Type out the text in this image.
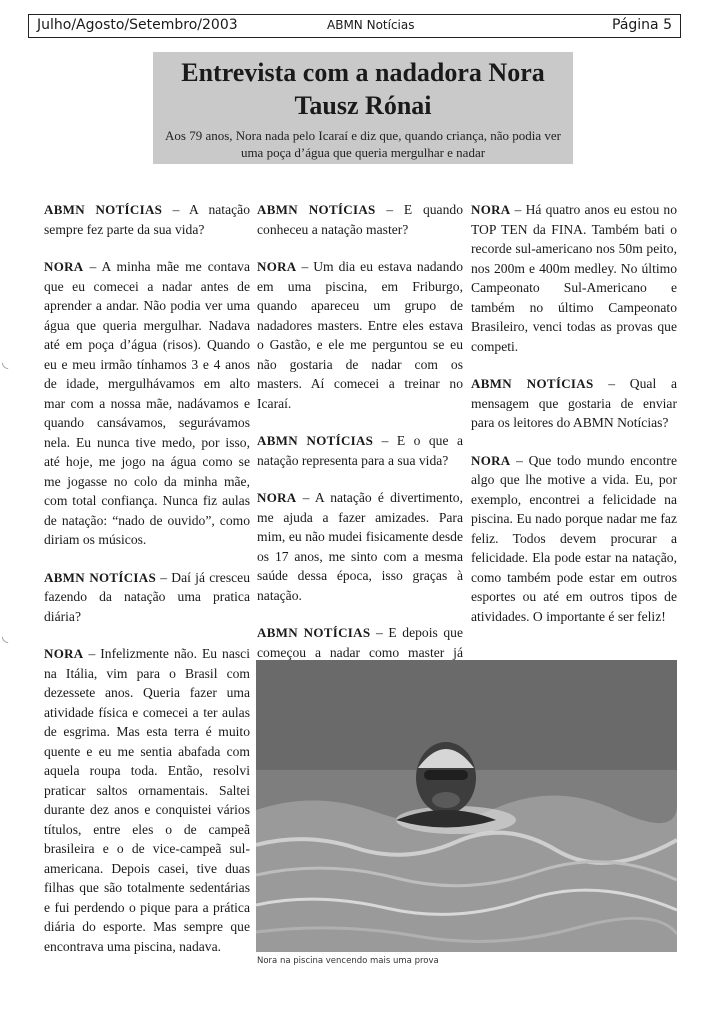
Julho/Agosto/Setembro/2003	ABMN Notícias	Página 5
Entrevista com a nadadora Nora Tausz Rónai

Aos 79 anos, Nora nada pelo Icaraí e diz que, quando criança, não podia ver uma poça d’água que queria mergulhar e nadar

ABMN NOTÍCIAS – A natação sempre fez parte da sua vida?

NORA – A minha mãe me contava que eu comecei a nadar antes de aprender a andar. Não podia ver uma água que queria mergulhar. Nadava até em poça d’água (risos). Quando eu e meu irmão tínhamos 3 e 4 anos de idade, mergulhávamos em alto mar com a nossa mãe, nadávamos e quando cansávamos, segurávamos nela. Eu nunca tive medo, por isso, até hoje, me jogo na água como se me jogasse no colo da minha mãe, com total confiança. Nunca fiz aulas de natação: “nado de ouvido”, como diriam os músicos.

ABMN NOTÍCIAS – Daí já cresceu fazendo da natação uma pratica diária?

NORA – Infelizmente não. Eu nasci na Itália, vim para o Brasil com dezessete anos. Queria fazer uma atividade física e comecei a ter aulas de esgrima. Mas esta terra é muito quente e eu me sentia abafada com aquela roupa toda. Então, resolvi praticar saltos ornamentais. Saltei durante dez anos e conquistei vários títulos, entre eles o de campeã brasileira e o de vice-campeã sul-americana. Depois casei, tive duas filhas que são totalmente sedentárias e fui perdendo o pique para a prática diária do esporte. Mas sempre que encontrava uma piscina, nadava.

ABMN NOTÍCIAS – E quando conheceu a natação master?

NORA – Um dia eu estava nadando em uma piscina, em Friburgo, quando apareceu um grupo de nadadores masters. Entre eles estava o Gastão, e ele me perguntou se eu não gostaria de nadar com os masters. Aí comecei a treinar no Icaraí.

ABMN NOTÍCIAS – E o que a natação representa para a sua vida?

NORA – A natação é divertimento, me ajuda a fazer amizades. Para mim, eu não mudei fisicamente desde os 17 anos, me sinto com a mesma saúde dessa época, isso graças à natação.

ABMN NOTÍCIAS – E depois que começou a nadar como master já

NORA – Há quatro anos eu estou no TOP TEN da FINA. Também bati o recorde sul-americano nos 50m peito, nos 200m e 400m medley. No último Campeonato Sul-Americano e também no último Campeonato Brasileiro, venci todas as provas que competi.

ABMN NOTÍCIAS – Qual a mensagem que gostaria de enviar para os leitores do ABMN Notícias?

NORA – Que todo mundo encontre algo que lhe motive a vida. Eu, por exemplo, encontrei a felicidade na piscina. Eu nado porque nadar me faz feliz. Todos devem procurar a felicidade. Ela pode estar na natação, como também pode estar em outros esportes ou até em outros tipos de atividades. O importante é ser feliz!

Nora na piscina vencendo mais uma prova
◟
◟
